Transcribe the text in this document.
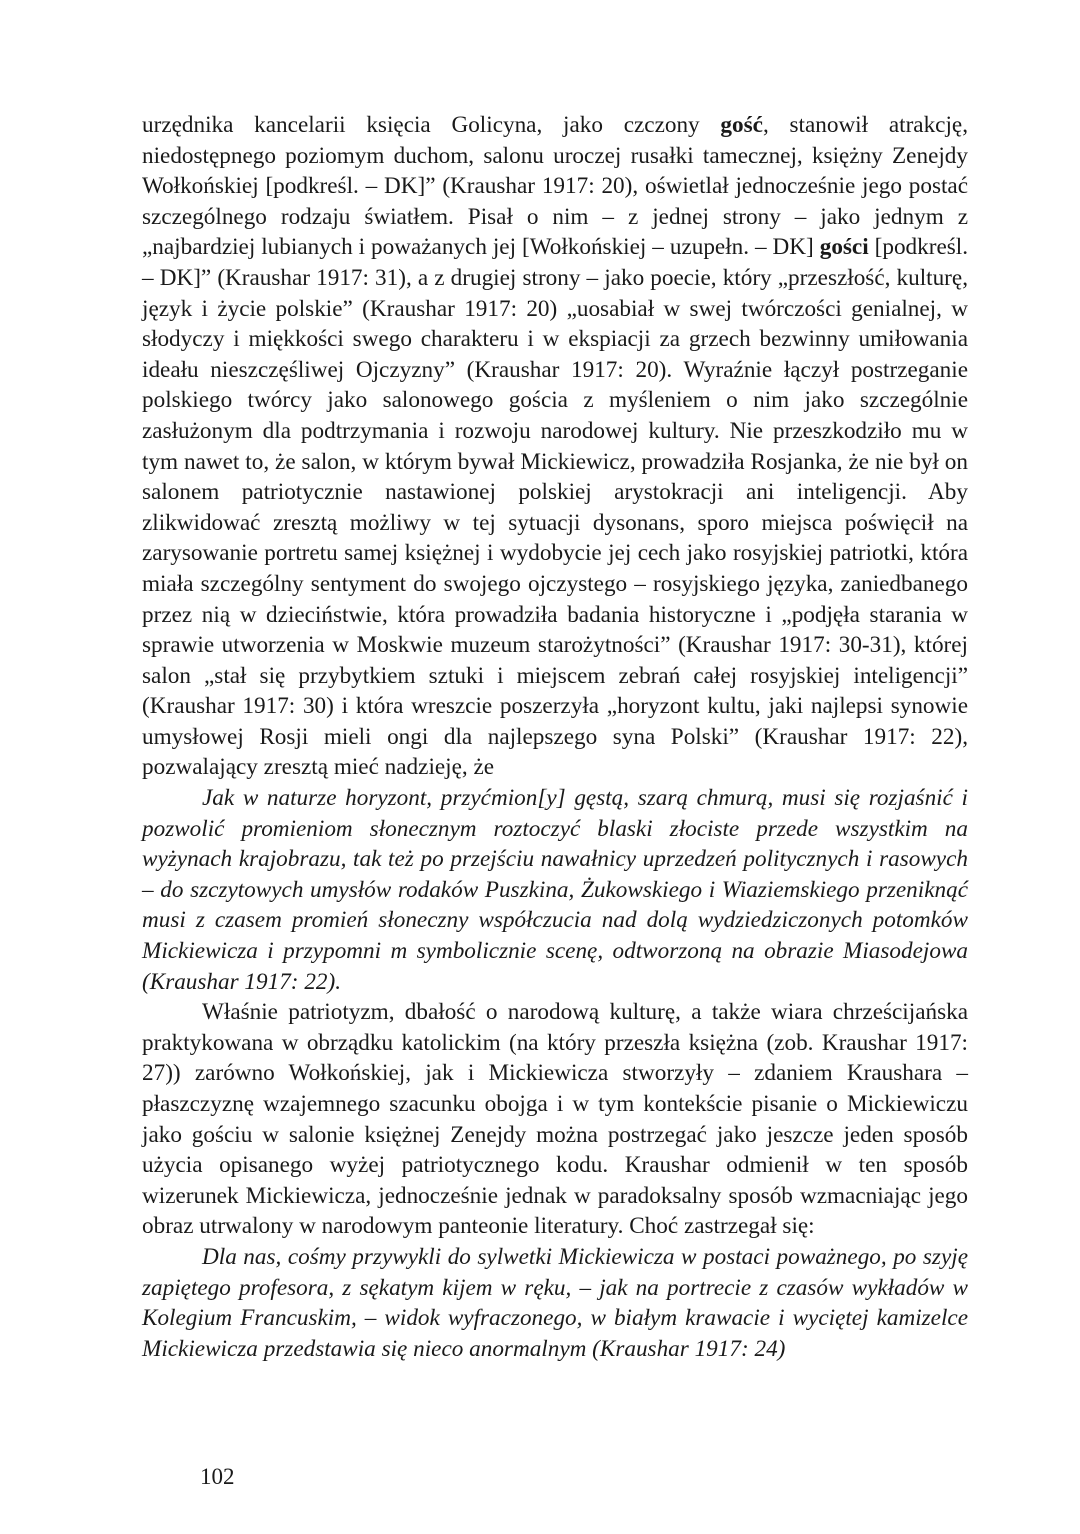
urzędnika kancelarii księcia Golicyna, jako czczony gość, stanowił atrakcję, niedostępnego poziomym duchom, salonu uroczej rusałki tamecznej, księżny Zenejdy Wołkońskiej [podkreśl. – DK]” (Kraushar 1917: 20), oświetlał jednocześnie jego postać szczególnego rodzaju światłem. Pisał o nim – z jednej strony – jako jednym z „najbardziej lubianych i poważanych jej [Wołkońskiej – uzupełn. – DK] gości [podkreśl. – DK]” (Kraushar 1917: 31), a z drugiej strony – jako poecie, który „przeszłość, kulturę, język i życie polskie” (Kraushar 1917: 20) „uosabiał w swej twórczości genialnej, w słodyczy i miękkości swego charakteru i w ekspiacji za grzech bezwinny umiłowania ideału nieszczęśliwej Ojczyzny” (Kraushar 1917: 20). Wyraźnie łączył postrzeganie polskiego twórcy jako salonowego gościa z myśleniem o nim jako szczególnie zasłużonym dla podtrzymania i rozwoju narodowej kultury. Nie przeszkodziło mu w tym nawet to, że salon, w którym bywał Mickiewicz, prowadziła Rosjanka, że nie był on salonem patriotycznie nastawionej polskiej arystokracji ani inteligencji. Aby zlikwidować zresztą możliwy w tej sytuacji dysonans, sporo miejsca poświęcił na zarysowanie portretu samej księżnej i wydobycie jej cech jako rosyjskiej patriotki, która miała szczególny sentyment do swojego ojczystego – rosyjskiego języka, zaniedbanego przez nią w dzieciństwie, która prowadziła badania historyczne i „podjęła starania w sprawie utworzenia w Moskwie muzeum starożytności” (Kraushar 1917: 30-31), której salon „stał się przybytkiem sztuki i miejscem zebrań całej rosyjskiej inteligencji” (Kraushar 1917: 30) i która wreszcie poszerzyła „horyzont kultu, jaki najlepsi synowie umysłowej Rosji mieli ongi dla najlepszego syna Polski” (Kraushar 1917: 22), pozwalający zresztą mieć nadzieję, że

Jak w naturze horyzont, przyćmion[y] gęstą, szarą chmurą, musi się rozjaśnić i pozwolić promieniom słonecznym roztoczyć blaski złociste przede wszystkim na wyżynach krajobrazu, tak też po przejściu nawałnicy uprzedzeń politycznych i rasowych – do szczytowych umysłów rodaków Puszkina, Żukowskiego i Wiaziemskiego przeniknąć musi z czasem promień słoneczny współczucia nad dolą wydziedziczonych potomków Mickiewicza i przypomni m symbolicznie scenę, odtworzoną na obrazie Miasodejowa (Kraushar 1917: 22).

Właśnie patriotyzm, dbałość o narodową kulturę, a także wiara chrześcijańska praktykowana w obrządku katolickim (na który przeszła księżna (zob. Kraushar 1917: 27)) zarówno Wołkońskiej, jak i Mickiewicza stworzyły – zdaniem Kraushara – płaszczyznę wzajemnego szacunku obojga i w tym kontekście pisanie o Mickiewiczu jako gościu w salonie księżnej Zenejdy można postrzegać jako jeszcze jeden sposób użycia opisanego wyżej patriotycznego kodu. Kraushar odmienił w ten sposób wizerunek Mickiewicza, jednocześnie jednak w paradoksalny sposób wzmacniając jego obraz utrwalony w narodowym panteonie literatury. Choć zastrzegał się:

Dla nas, cośmy przywykli do sylwetki Mickiewicza w postaci poważnego, po szyję zapiętego profesora, z sękatym kijem w ręku, – jak na portrecie z czasów wykładów w Kolegium Francuskim, – widok wyfraczonego, w białym krawacie i wyciętej kamizelce Mickiewicza przedstawia się nieco anormalnym (Kraushar 1917: 24)

102
